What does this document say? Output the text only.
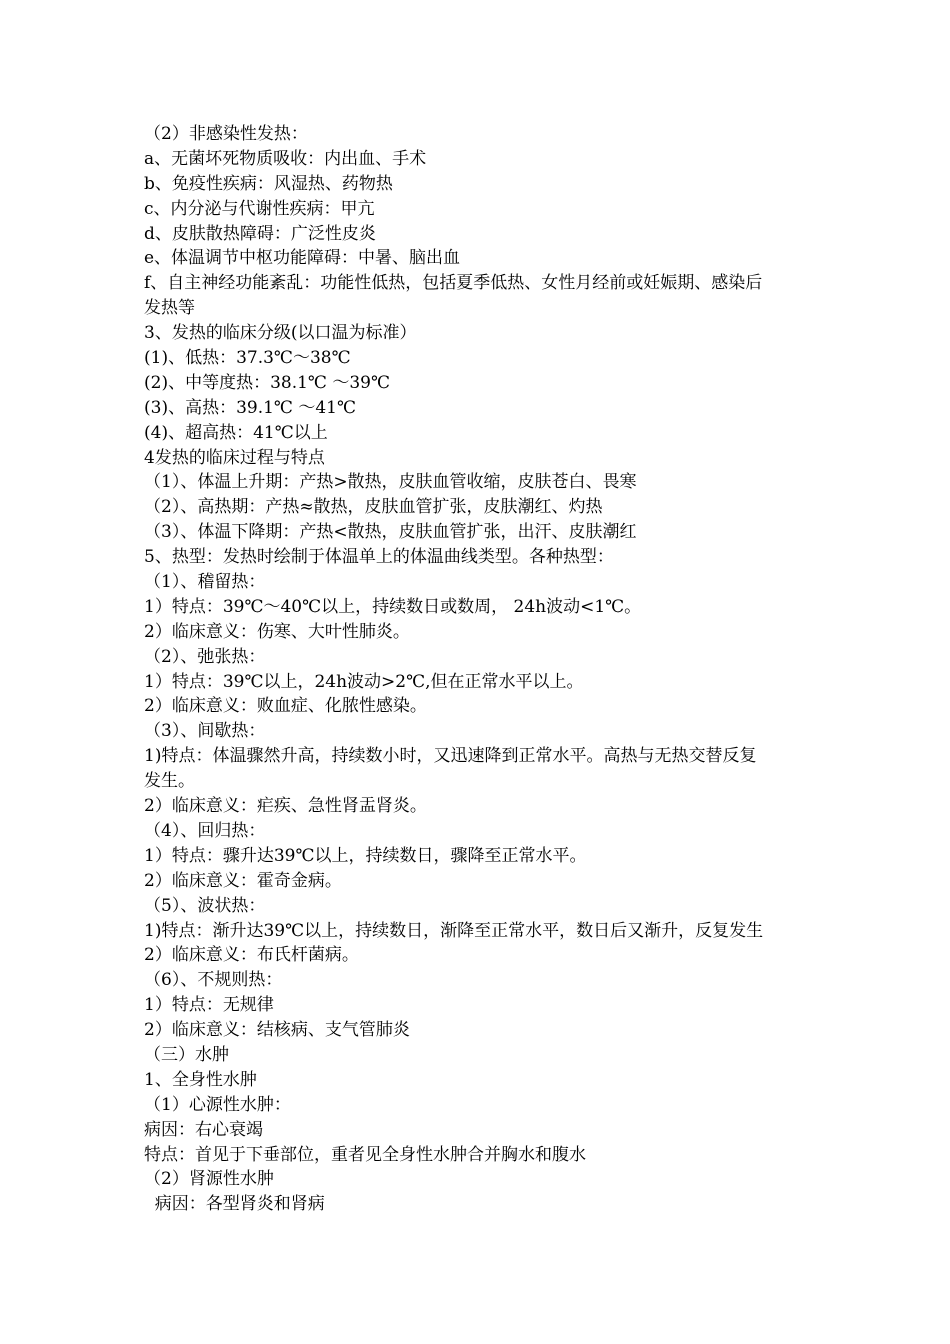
（2）非感染性发热：
a、无菌坏死物质吸收：内出血、手术
b、免疫性疾病：风湿热、药物热
c、内分泌与代谢性疾病：甲亢
d、皮肤散热障碍：广泛性皮炎
e、体温调节中枢功能障碍：中暑、脑出血
f、自主神经功能紊乱：功能性低热，包括夏季低热、女性月经前或妊娠期、感染后
发热等
3、发热的临床分级(以口温为标准）
(1)、低热：37.3℃～38℃
(2)、中等度热：38.1℃ ～39℃
(3)、高热：39.1℃ ～41℃
(4)、超高热：41℃以上
4发热的临床过程与特点
（1）、体温上升期：产热>散热，皮肤血管收缩，皮肤苍白、畏寒
（2）、高热期：产热≈散热，皮肤血管扩张，皮肤潮红、灼热
（3）、体温下降期：产热<散热，皮肤血管扩张，出汗、皮肤潮红
5、热型：发热时绘制于体温单上的体温曲线类型。各种热型：
（1）、稽留热：
1）特点：39℃～40℃以上，持续数日或数周， 24h波动<1℃。
2）临床意义：伤寒、大叶性肺炎。
（2）、弛张热：
1）特点：39℃以上，24h波动>2℃,但在正常水平以上。
2）临床意义：败血症、化脓性感染。
（3）、间歇热：
1)特点：体温骤然升高，持续数小时，又迅速降到正常水平。高热与无热交替反复
发生。
2）临床意义：疟疾、急性肾盂肾炎。
（4）、回归热：
1）特点：骤升达39℃以上，持续数日，骤降至正常水平。
2）临床意义：霍奇金病。
（5）、波状热：
1)特点：渐升达39℃以上，持续数日，渐降至正常水平，数日后又渐升，反复发生
2）临床意义：布氏杆菌病。
（6）、不规则热：
1）特点：无规律
2）临床意义：结核病、支气管肺炎
（三）水肿
1、全身性水肿
（1）心源性水肿：
病因：右心衰竭
特点：首见于下垂部位，重者见全身性水肿合并胸水和腹水
（2）肾源性水肿
病因：各型肾炎和肾病
